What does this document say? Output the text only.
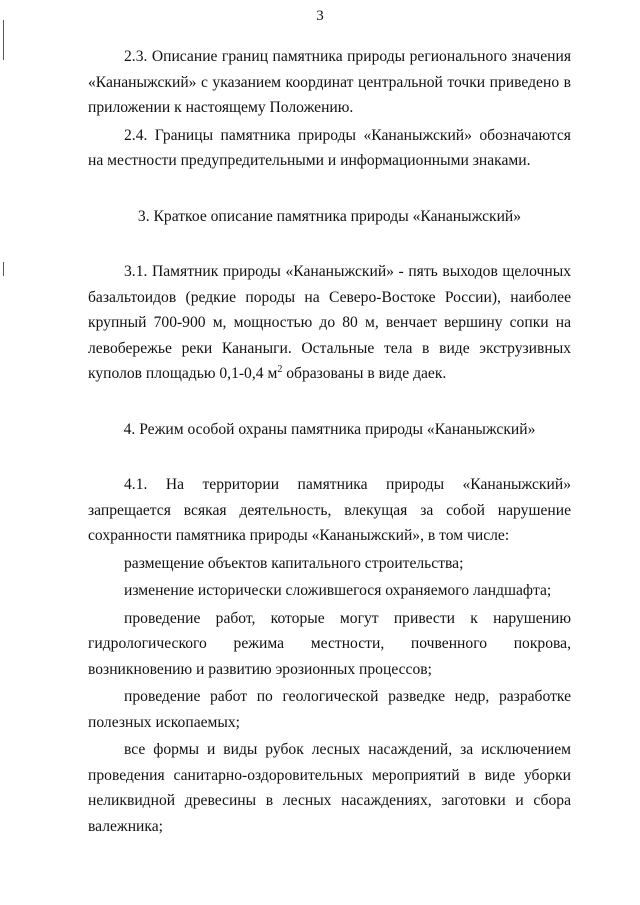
3

2.3. Описание границ памятника природы регионального значения «Кананыжский» с указанием координат центральной точки приведено в приложении к настоящему Положению.

2.4. Границы памятника природы «Кананыжский» обозначаются на местности предупредительными и информационными знаками.

3. Краткое описание памятника природы «Кананыжский»

3.1. Памятник природы «Кананыжский» - пять выходов щелочных базальтоидов (редкие породы на Северо-Востоке России), наиболее крупный 700-900 м, мощностью до 80 м, венчает вершину сопки на левобережье реки Кананыги. Остальные тела в виде экструзивных куполов площадью 0,1-0,4 $м^2$ образованы в виде даек.

4. Режим особой охраны памятника природы «Кананыжский»

4.1. На территории памятника природы «Кананыжский» запрещается всякая деятельность, влекущая за собой нарушение сохранности памятника природы «Кананыжский», в том числе:

размещение объектов капитального строительства;

изменение исторически сложившегося охраняемого ландшафта;

проведение работ, которые могут привести к нарушению гидрологического режима местности, почвенного покрова, возникновению и развитию эрозионных процессов;

проведение работ по геологической разведке недр, разработке полезных ископаемых;

все формы и виды рубок лесных насаждений, за исключением проведения санитарно-оздоровительных мероприятий в виде уборки неликвидной древесины в лесных насаждениях, заготовки и сбора валежника;
